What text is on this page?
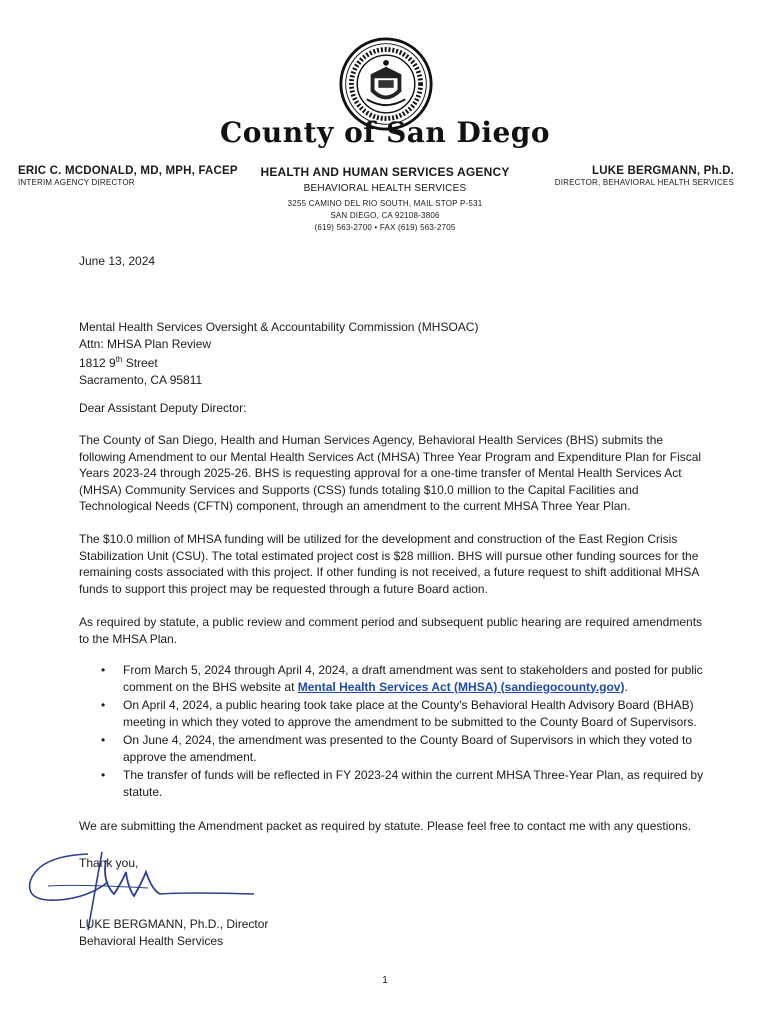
County of San Diego
ERIC C. MCDONALD, MD, MPH, FACEP
INTERIM AGENCY DIRECTOR
HEALTH AND HUMAN SERVICES AGENCY
BEHAVIORAL HEALTH SERVICES
3255 CAMINO DEL RIO SOUTH, MAIL STOP P-531
SAN DIEGO, CA 92108-3806
(619) 563-2700 • FAX (619) 563-2705
LUKE BERGMANN, Ph.D.
DIRECTOR, BEHAVIORAL HEALTH SERVICES
June 13, 2024
Mental Health Services Oversight & Accountability Commission (MHSOAC)
Attn: MHSA Plan Review
1812 9th Street
Sacramento, CA 95811
Dear Assistant Deputy Director:
The County of San Diego, Health and Human Services Agency, Behavioral Health Services (BHS) submits the following Amendment to our Mental Health Services Act (MHSA) Three Year Program and Expenditure Plan for Fiscal Years 2023-24 through 2025-26. BHS is requesting approval for a one-time transfer of Mental Health Services Act (MHSA) Community Services and Supports (CSS) funds totaling $10.0 million to the Capital Facilities and Technological Needs (CFTN) component, through an amendment to the current MHSA Three Year Plan.
The $10.0 million of MHSA funding will be utilized for the development and construction of the East Region Crisis Stabilization Unit (CSU). The total estimated project cost is $28 million. BHS will pursue other funding sources for the remaining costs associated with this project. If other funding is not received, a future request to shift additional MHSA funds to support this project may be requested through a future Board action.
As required by statute, a public review and comment period and subsequent public hearing are required amendments to the MHSA Plan.
• From March 5, 2024 through April 4, 2024, a draft amendment was sent to stakeholders and posted for public comment on the BHS website at Mental Health Services Act (MHSA) (sandiegocounty.gov).
• On April 4, 2024, a public hearing took take place at the County's Behavioral Health Advisory Board (BHAB) meeting in which they voted to approve the amendment to be submitted to the County Board of Supervisors.
• On June 4, 2024, the amendment was presented to the County Board of Supervisors in which they voted to approve the amendment.
• The transfer of funds will be reflected in FY 2023-24 within the current MHSA Three-Year Plan, as required by statute.
We are submitting the Amendment packet as required by statute. Please feel free to contact me with any questions.
Thank you,
LUKE BERGMANN, Ph.D., Director
Behavioral Health Services
1
